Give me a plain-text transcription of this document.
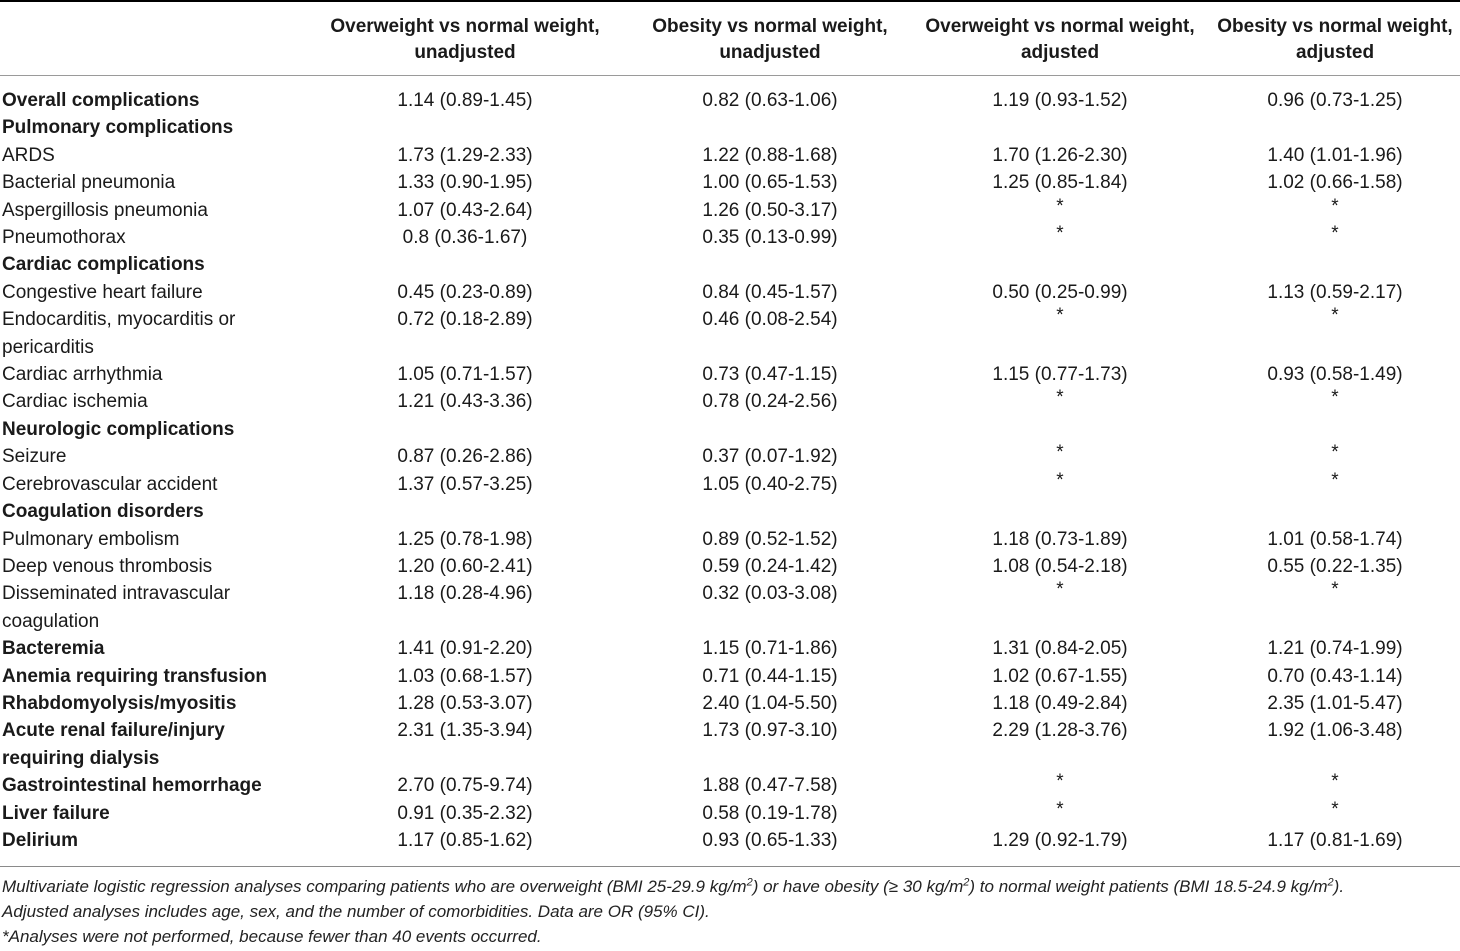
	Overweight vs normal weight, unadjusted	Obesity vs normal weight, unadjusted	Overweight vs normal weight, adjusted	Obesity vs normal weight, adjusted
Overall complications	1.14 (0.89-1.45)	0.82 (0.63-1.06)	1.19 (0.93-1.52)	0.96 (0.73-1.25)
Pulmonary complications				
ARDS	1.73 (1.29-2.33)	1.22 (0.88-1.68)	1.70 (1.26-2.30)	1.40 (1.01-1.96)
Bacterial pneumonia	1.33 (0.90-1.95)	1.00 (0.65-1.53)	1.25 (0.85-1.84)	1.02 (0.66-1.58)
Aspergillosis pneumonia	1.07 (0.43-2.64)	1.26 (0.50-3.17)	*	*
Pneumothorax	0.8 (0.36-1.67)	0.35 (0.13-0.99)	*	*
Cardiac complications				
Congestive heart failure	0.45 (0.23-0.89)	0.84 (0.45-1.57)	0.50 (0.25-0.99)	1.13 (0.59-2.17)
Endocarditis, myocarditis or pericarditis	0.72 (0.18-2.89)	0.46 (0.08-2.54)	*	*
Cardiac arrhythmia	1.05 (0.71-1.57)	0.73 (0.47-1.15)	1.15 (0.77-1.73)	0.93 (0.58-1.49)
Cardiac ischemia	1.21 (0.43-3.36)	0.78 (0.24-2.56)	*	*
Neurologic complications				
Seizure	0.87 (0.26-2.86)	0.37 (0.07-1.92)	*	*
Cerebrovascular accident	1.37 (0.57-3.25)	1.05 (0.40-2.75)	*	*
Coagulation disorders				
Pulmonary embolism	1.25 (0.78-1.98)	0.89 (0.52-1.52)	1.18 (0.73-1.89)	1.01 (0.58-1.74)
Deep venous thrombosis	1.20 (0.60-2.41)	0.59 (0.24-1.42)	1.08 (0.54-2.18)	0.55 (0.22-1.35)
Disseminated intravascular coagulation	1.18 (0.28-4.96)	0.32 (0.03-3.08)	*	*
Bacteremia	1.41 (0.91-2.20)	1.15 (0.71-1.86)	1.31 (0.84-2.05)	1.21 (0.74-1.99)
Anemia requiring transfusion	1.03 (0.68-1.57)	0.71 (0.44-1.15)	1.02 (0.67-1.55)	0.70 (0.43-1.14)
Rhabdomyolysis/myositis	1.28 (0.53-3.07)	2.40 (1.04-5.50)	1.18 (0.49-2.84)	2.35 (1.01-5.47)
Acute renal failure/injury requiring dialysis	2.31 (1.35-3.94)	1.73 (0.97-3.10)	2.29 (1.28-3.76)	1.92 (1.06-3.48)
Gastrointestinal hemorrhage	2.70 (0.75-9.74)	1.88 (0.47-7.58)	*	*
Liver failure	0.91 (0.35-2.32)	0.58 (0.19-1.78)	*	*
Delirium	1.17 (0.85-1.62)	0.93 (0.65-1.33)	1.29 (0.92-1.79)	1.17 (0.81-1.69)

Multivariate logistic regression analyses comparing patients who are overweight (BMI 25-29.9 $kg/m^2$) or have obesity (≥ 30 $kg/m^2$) to normal weight patients (BMI 18.5-24.9 $kg/m^2$).

Adjusted analyses includes age, sex, and the number of comorbidities. Data are OR (95% CI).

*Analyses were not performed, because fewer than 40 events occurred.
